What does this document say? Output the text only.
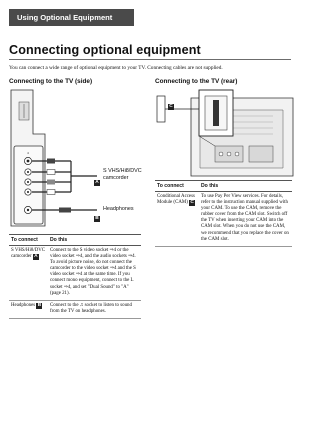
Using Optional Equipment
Connecting optional equipment
You can connect a wide range of optional equipment to your TV. Connecting cables are not supplied.
Connecting to the TV (side)
4
A
S VHS/Hi8/DVC camcorder
B
Headphones
To connect	Do this
S VHS/Hi8/DVC camcorder A	Connect to the S video socket ⇒4 or the video socket ⇒4, and the audio sockets ⇒4. To avoid picture noise, do not connect the camcorder to the video socket ⇒4 and the S video socket ⇒4 at the same time. If you connect mono equipment, connect to the L socket ⇒4, and set "Dual Sound" to "A" (page 21).
Headphones B	Connect to the ♫ socket to listen to sound from the TV on headphones.
Connecting to the TV (rear)
C
To connect	Do this
Conditional Access Module (CAM) C	To use Pay Per View services. For details, refer to the instruction manual supplied with your CAM. To use the CAM, remove the rubber cover from the CAM slot. Switch off the TV when inserting your CAM into the CAM slot. When you do not use the CAM, we recommend that you replace the cover on the CAM slot.
